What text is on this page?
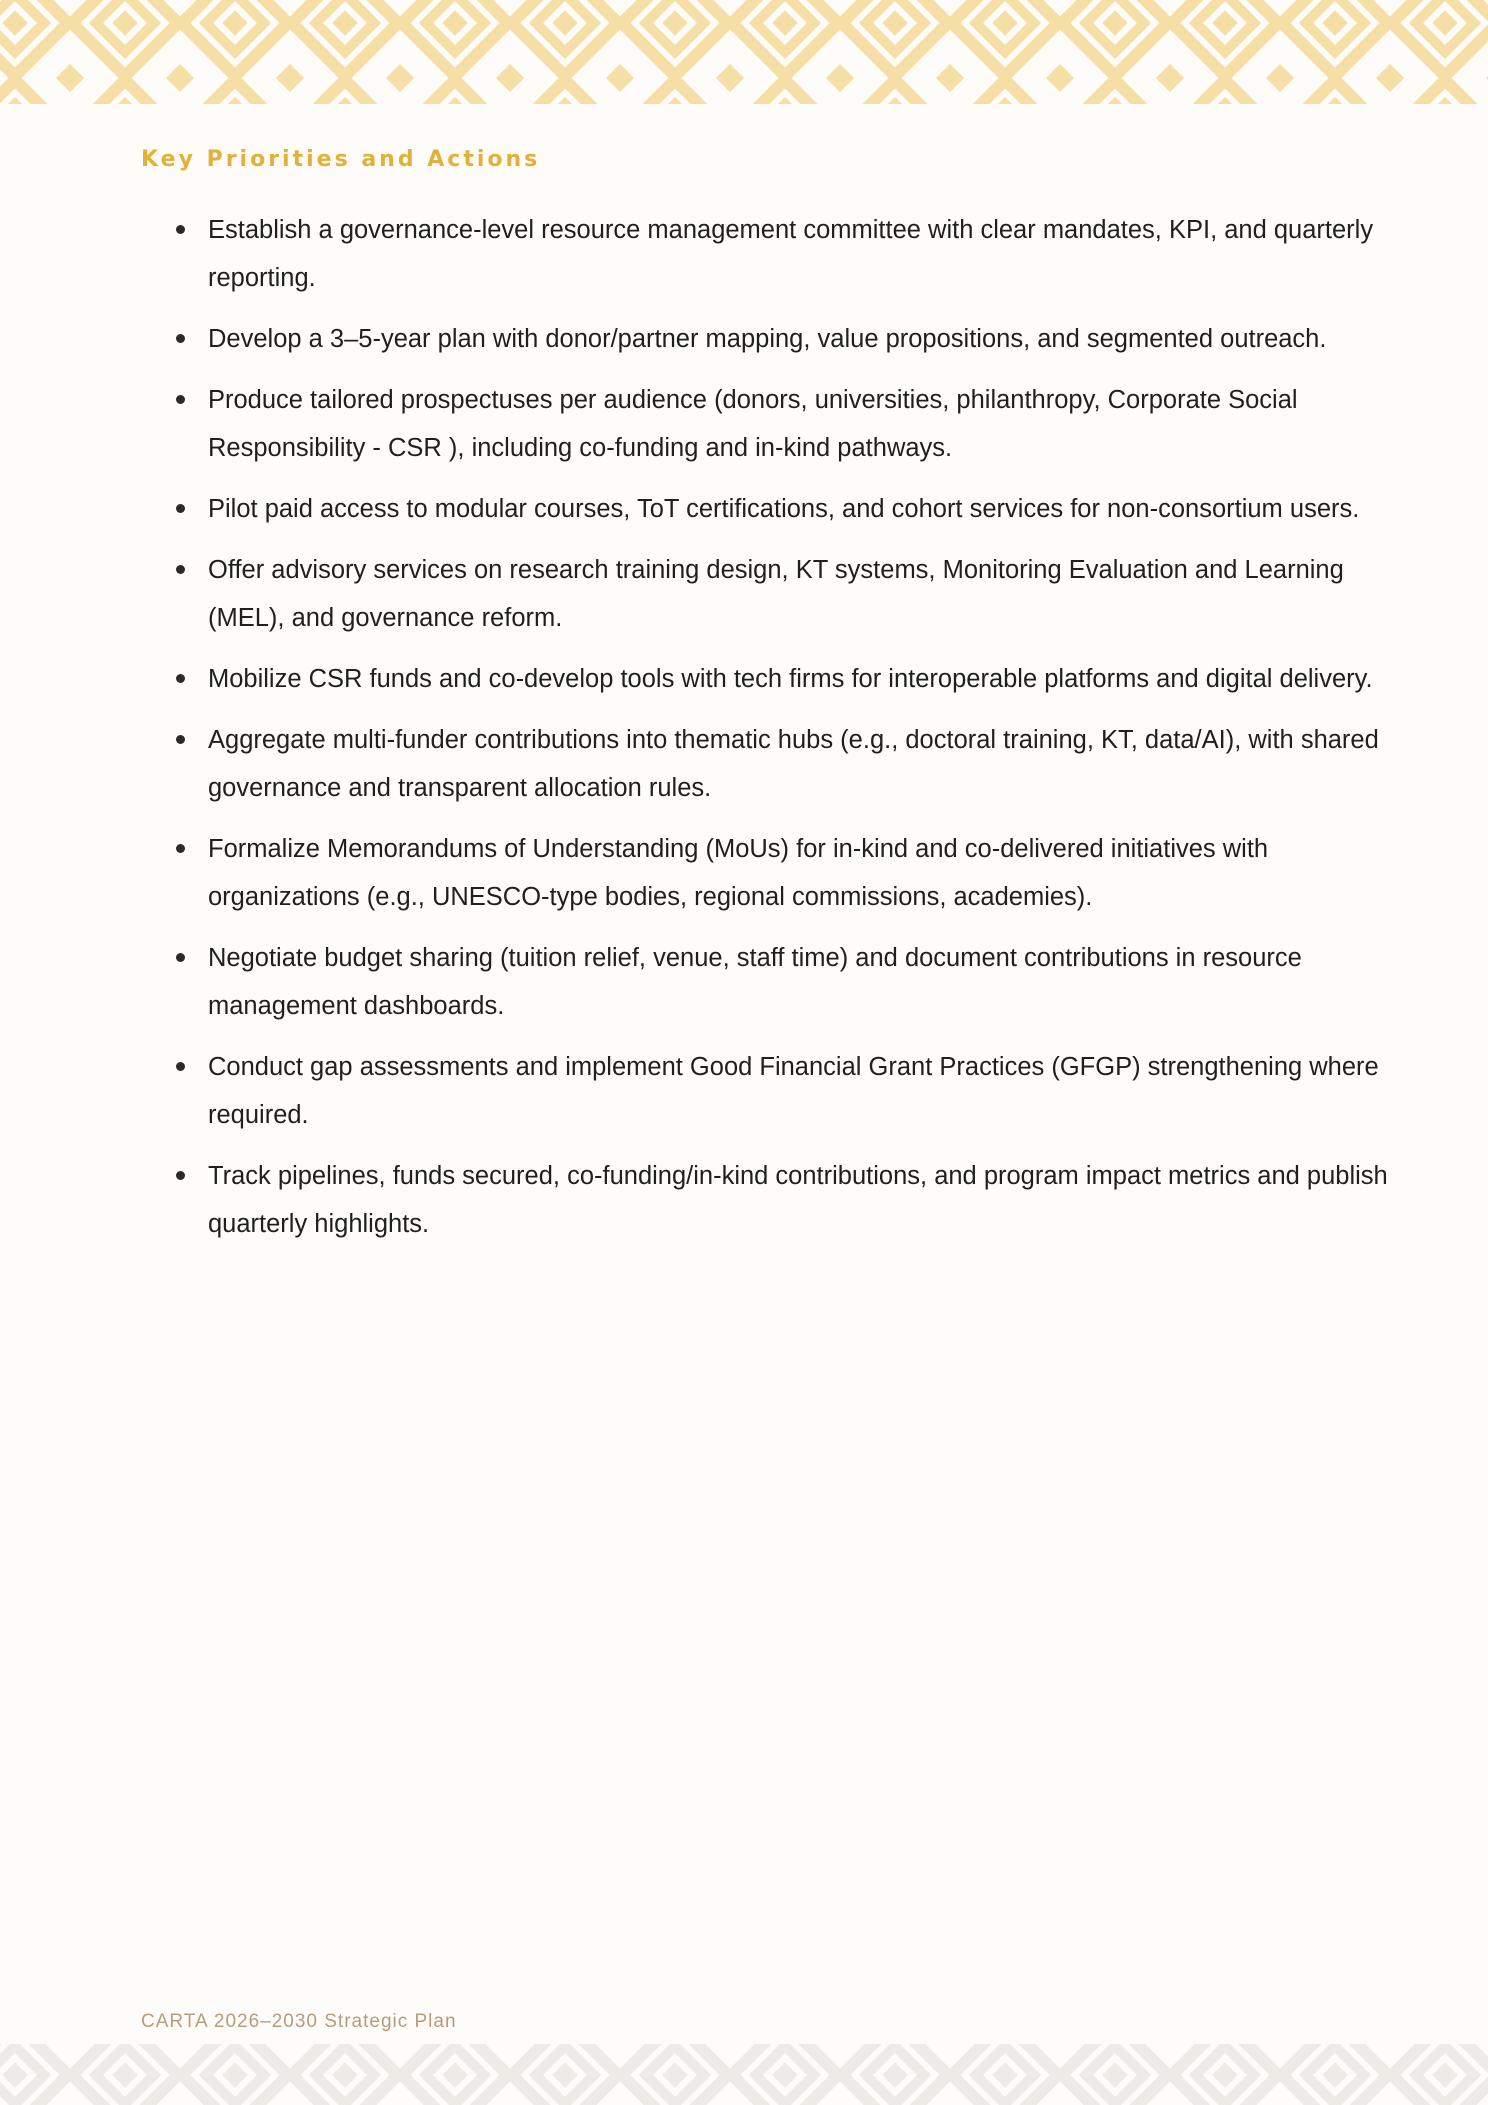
Key Priorities and Actions
Establish a governance-level resource management committee with clear mandates, KPI, and quarterly reporting.
Develop a 3–5-year plan with donor/partner mapping, value propositions, and segmented outreach.
Produce tailored prospectuses per audience (donors, universities, philanthropy, Corporate Social Responsibility - CSR ), including co-funding and in-kind pathways.
Pilot paid access to modular courses, ToT certifications, and cohort services for non-consortium users.
Offer advisory services on research training design, KT systems, Monitoring Evaluation and Learning (MEL), and governance reform.
Mobilize CSR funds and co-develop tools with tech firms for interoperable platforms and digital delivery.
Aggregate multi-funder contributions into thematic hubs (e.g., doctoral training, KT, data/AI), with shared governance and transparent allocation rules.
Formalize Memorandums of Understanding (MoUs) for in-kind and co-delivered initiatives with organizations (e.g., UNESCO-type bodies, regional commissions, academies).
Negotiate budget sharing (tuition relief, venue, staff time) and document contributions in resource management dashboards.
Conduct gap assessments and implement Good Financial Grant Practices (GFGP) strengthening where required.
Track pipelines, funds secured, co-funding/in-kind contributions, and program impact metrics and publish quarterly highlights.
CARTA 2026–2030 Strategic Plan
